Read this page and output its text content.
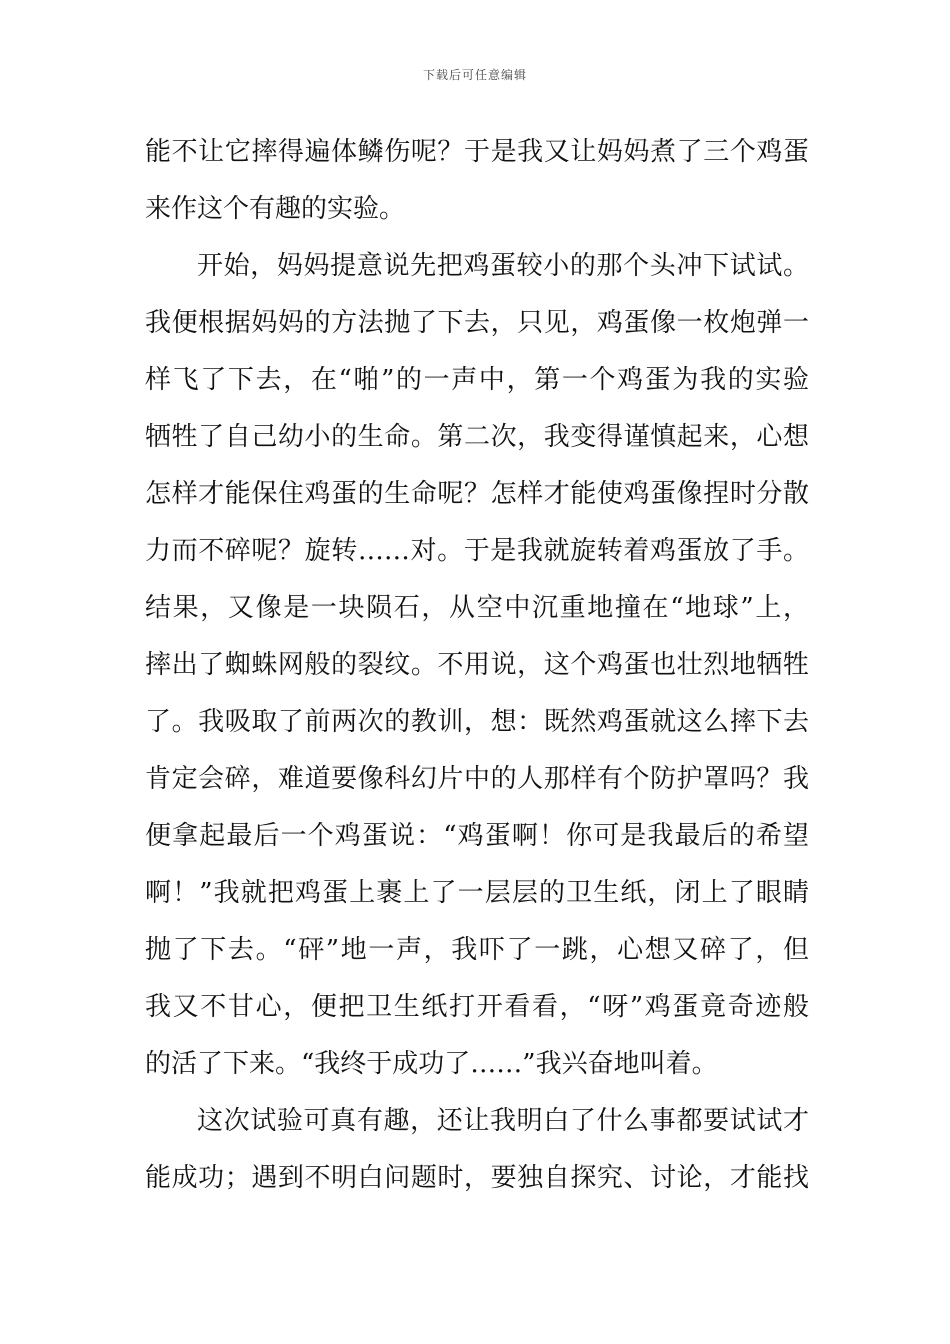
下载后可任意编辑
能不让它摔得遍体鳞伤呢？于是我又让妈妈煮了三个鸡蛋
来作这个有趣的实验。
开始，妈妈提意说先把鸡蛋较小的那个头冲下试试。
我便根据妈妈的方法抛了下去，只见，鸡蛋像一枚炮弹一
样飞了下去，在“啪”的一声中，第一个鸡蛋为我的实验
牺牲了自己幼小的生命。第二次，我变得谨慎起来，心想
怎样才能保住鸡蛋的生命呢？怎样才能使鸡蛋像捏时分散
力而不碎呢？旋转……对。于是我就旋转着鸡蛋放了手。
结果，又像是一块陨石，从空中沉重地撞在“地球”上，
摔出了蜘蛛网般的裂纹。不用说，这个鸡蛋也壮烈地牺牲
了。我吸取了前两次的教训，想：既然鸡蛋就这么摔下去
肯定会碎，难道要像科幻片中的人那样有个防护罩吗？我
便拿起最后一个鸡蛋说：“鸡蛋啊！你可是我最后的希望
啊！”我就把鸡蛋上裹上了一层层的卫生纸，闭上了眼睛
抛了下去。“砰”地一声，我吓了一跳，心想又碎了，但
我又不甘心，便把卫生纸打开看看，“呀”鸡蛋竟奇迹般
的活了下来。“我终于成功了……”我兴奋地叫着。
这次试验可真有趣，还让我明白了什么事都要试试才
能成功；遇到不明白问题时，要独自探究、讨论，才能找
